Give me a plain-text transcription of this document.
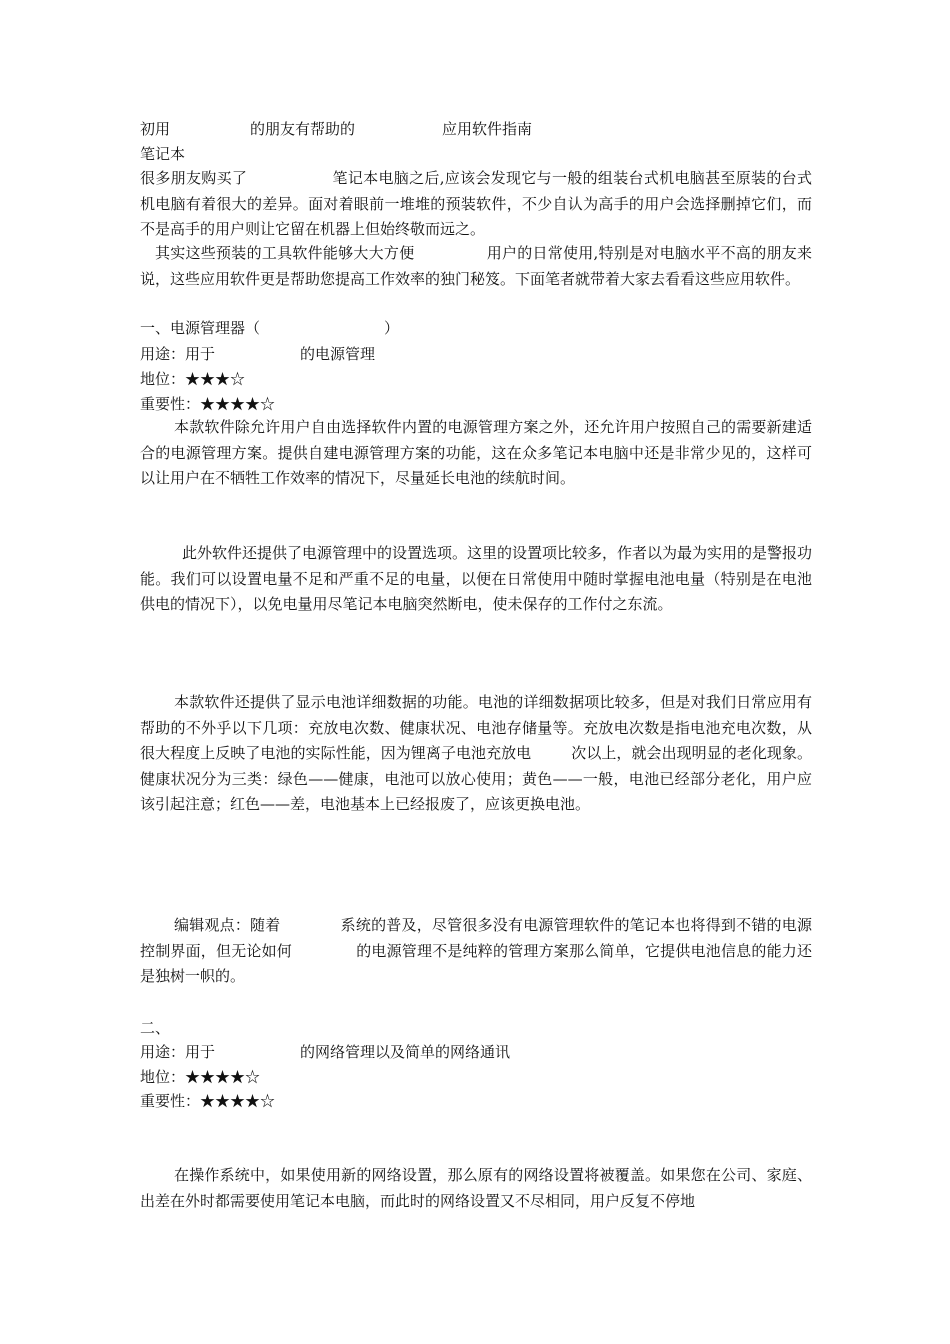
初用

	的朋友有帮助的

	应用软件指南

笔记本
很多朋友购买了	笔记本电脑之后,应该会发现它与一般的组装台式机电脑甚至原装的台式机电脑有着很大的差异。面对着眼前一堆堆的预装软件，不少自认为高手的用户会选择删掉它们，而不是高手的用户则让它留在机器上但始终敬而远之。
其实这些预装的工具软件能够大大方便	用户的日常使用,特别是对电脑水平不高的朋友来说，这些应用软件更是帮助您提高工作效率的独门秘笈。下面笔者就带着大家去看看这些应用软件。

一、电源管理器（

	）

用途：用于

	的电源管理

地位：★★★☆
重要性：★★★★☆
本款软件除允许用户自由选择软件内置的电源管理方案之外，还允许用户按照自己的需要新建适合的电源管理方案。提供自建电源管理方案的功能，这在众多笔记本电脑中还是非常少见的，这样可以让用户在不牺牲工作效率的情况下，尽量延长电池的续航时间。
此外软件还提供了电源管理中的设置选项。这里的设置项比较多，作者以为最为实用的是警报功能。我们可以设置电量不足和严重不足的电量，以便在日常使用中随时掌握电池电量（特别是在电池供电的情况下），以免电量用尽笔记本电脑突然断电，使未保存的工作付之东流。
本款软件还提供了显示电池详细数据的功能。电池的详细数据项比较多，但是对我们日常应用有帮助的不外乎以下几项：充放电次数、健康状况、电池存储量等。充放电次数是指电池充电次数，从很大程度上反映了电池的实际性能，因为锂离子电池充放电	次以上，就会出现明显的老化现象。健康状况分为三类：绿色——健康，电池可以放心使用；黄色——一般，电池已经部分老化，用户应该引起注意；红色——差，电池基本上已经报废了，应该更换电池。
编辑观点：随着	系统的普及，尽管很多没有电源管理软件的笔记本也将得到不错的电源控制界面，但无论如何	的电源管理不是纯粹的管理方案那么简单，它提供电池信息的能力还是独树一帜的。
二、

用途：用于

	的网络管理以及简单的网络通讯

地位：★★★★☆
重要性：★★★★☆
在操作系统中，如果使用新的网络设置，那么原有的网络设置将被覆盖。如果您在公司、家庭、出差在外时都需要使用笔记本电脑，而此时的网络设置又不尽相同，用户反复不停地
